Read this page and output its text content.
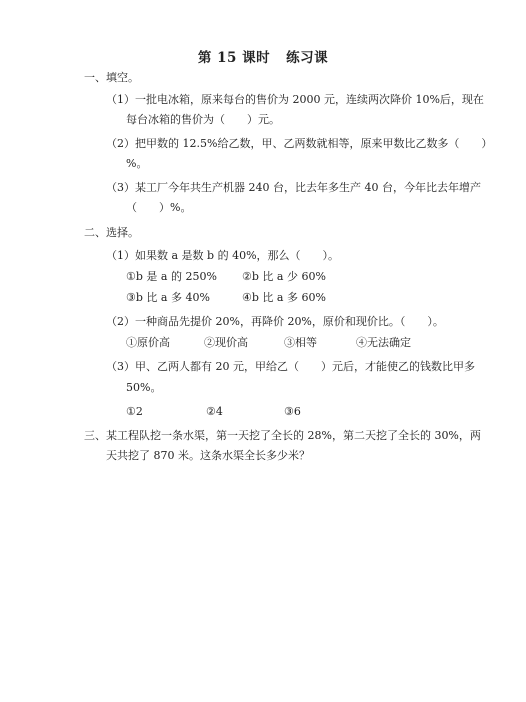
第 15 课时 练习课
一、填空。
（1）一批电冰箱，原来每台的售价为 2000 元，连续两次降价 10%后，现在
每台冰箱的售价为（　　）元。
（2）把甲数的 12.5%给乙数，甲、乙两数就相等，原来甲数比乙数多（　　）
%。
（3）某工厂今年共生产机器 240 台，比去年多生产 40 台，今年比去年增产
（　　）%。
二、选择。
（1）如果数 a 是数 b 的 40%，那么（　　）。
①b 是 a 的 250% ②b 比 a 少 60%
③b 比 a 多 40%	④b 比 a 多 60%
（2）一种商品先提价 20%，再降价 20%，原价和现价比。（　　）。
①原价高	②现价高	③相等	④无法确定
（3）甲、乙两人都有 20 元，甲给乙（　　）元后，才能使乙的钱数比甲多
50%。
①2	②4	③6
三、某工程队挖一条水渠，第一天挖了全长的 28%，第二天挖了全长的 30%，两
天共挖了 870 米。这条水渠全长多少米？
